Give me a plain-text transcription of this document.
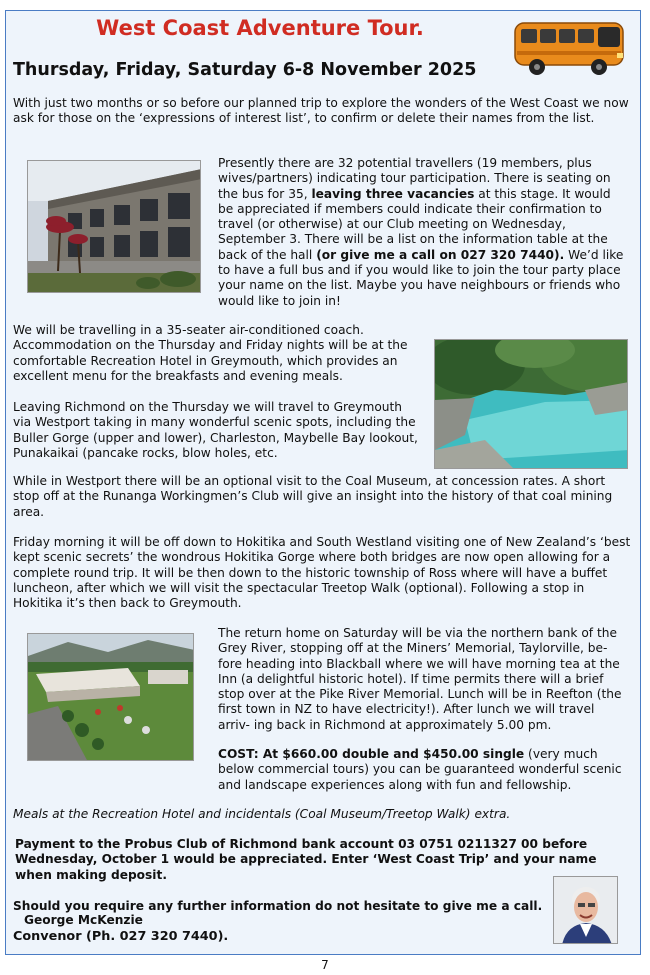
West Coast Adventure Tour.
Thursday, Friday, Saturday 6-8 November 2025
With just two months or so before our planned trip to explore the wonders of the West Coast we now ask for those on the ‘expressions of interest list’, to confirm or delete their names from the list.
Presently there are 32 potential travellers (19 members, plus wives/partners) indicating tour participation. There is seating on the bus for 35, leaving three vacancies at this stage. It would be appreciated if members could indicate their confirmation to travel (or otherwise) at our Club meeting on Wednesday, September 3. There will be a list on the information table at the back of the hall (or give me a call on 027 320 7440). We’d like to have a full bus and if you would like to join the tour party place your name on the list. Maybe you have neighbours or friends who would like to join in!
We will be travelling in a 35-seater air-conditioned coach. Accommodation on the Thursday and Friday nights will be at the comfortable Recreation Hotel in Greymouth, which provides an excellent menu for the breakfasts and evening meals.
Leaving Richmond on the Thursday we will travel to Greymouth via Westport taking in many wonderful scenic spots, including the Buller Gorge (upper and lower), Charleston, Maybelle Bay lookout, Punakaikai (pancake rocks, blow holes, etc.
While in Westport there will be an optional visit to the Coal Museum, at concession rates. A short stop off at the Runanga Workingmen’s Club will give an insight into the history of that coal mining area.
Friday morning it will be off down to Hokitika and South Westland visiting one of New Zealand’s ‘best kept scenic secrets’ the wondrous Hokitika Gorge where both bridges are now open allowing for a complete round trip. It will be then down to the historic township of Ross where will have a buffet luncheon, after which we will visit the spectacular Treetop Walk (optional). Following a stop in Hokitika it’s then back to Greymouth.
The return home on Saturday will be via the northern bank of the Grey River, stopping off at the Miners’ Memorial, Taylorville, be- fore heading into Blackball where we will have morning tea at the Inn (a delightful historic hotel). If time permits there will a brief stop over at the Pike River Memorial. Lunch will be in Reefton (the first town in NZ to have electricity!). After lunch we will travel arriv- ing back in Richmond at approximately 5.00 pm.
COST: At $660.00 double and $450.00 single (very much below commercial tours) you can be guaranteed wonderful scenic and landscape experiences along with fun and fellowship.
Meals at the Recreation Hotel and incidentals (Coal Museum/Treetop Walk) extra.
Payment to the Probus Club of Richmond bank account 03 0751 0211327 00 before Wednesday, October 1 would be appreciated. Enter ‘West Coast Trip’ and your name when making deposit.
Should you require any further information do not hesitate to give me a call.
George McKenzie
Convenor (Ph. 027 320 7440).
7
